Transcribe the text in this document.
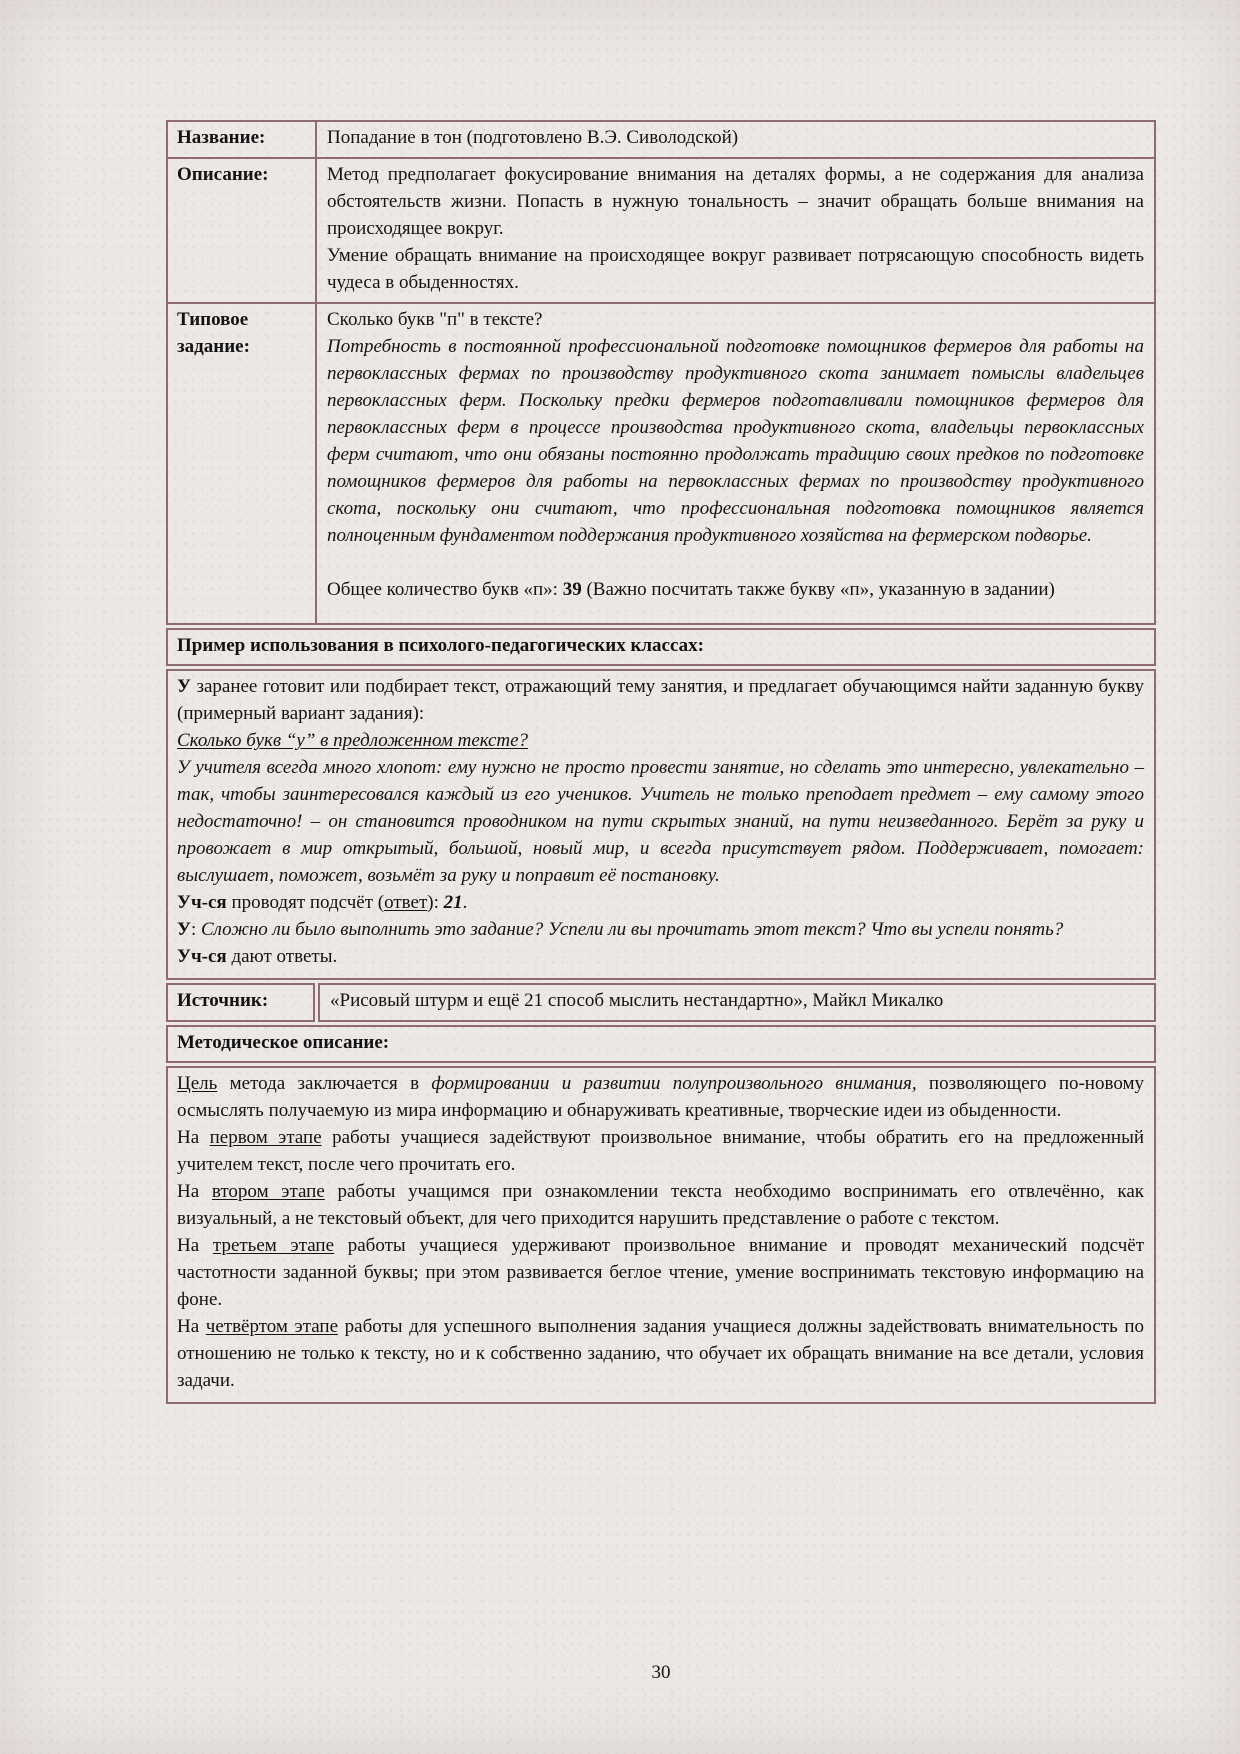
Название:	Попадание в тон (подготовлено В.Э. Сиволодской)
Описание:	Метод предполагает фокусирование внимания на деталях формы, а не содержания для анализа обстоятельств жизни. Попасть в нужную тональность – значит обращать больше внимания на происходящее вокруг.

Умение обращать внимание на происходящее вокруг развивает потрясающую способность видеть чудеса в обыденностях.

Типовое задание:

Сколько букв "п" в тексте?

Потребность в постоянной профессиональной подготовке помощников фермеров для работы на первоклассных фермах по производству продуктивного скота занимает помыслы владельцев первоклассных ферм. Поскольку предки фермеров подготавливали помощников фермеров для первоклассных ферм в процессе производства продуктивного скота, владельцы первоклассных ферм считают, что они обязаны постоянно продолжать традицию своих предков по подготовке помощников фермеров для работы на первоклассных фермах по производству продуктивного скота, поскольку они считают, что профессиональная подготовка помощников является полноценным фундаментом поддержания продуктивного хозяйства на фермерском подворье.

Общее количество букв «п»: 39 (Важно посчитать также букву «п», указанную в задании)

Пример использования в психолого-педагогических классах:

У заранее готовит или подбирает текст, отражающий тему занятия, и предлагает обучающимся найти заданную букву (примерный вариант задания):

Сколько букв “у” в предложенном тексте?

У учителя всегда много хлопот: ему нужно не просто провести занятие, но сделать это интересно, увлекательно – так, чтобы заинтересовался каждый из его учеников. Учитель не только преподает предмет – ему самому этого недостаточно! – он становится проводником на пути скрытых знаний, на пути неизведанного. Берёт за руку и провожает в мир открытый, большой, новый мир, и всегда присутствует рядом. Поддерживает, помогает: выслушает, поможет, возьмёт за руку и поправит её постановку.

Уч-ся проводят подсчёт (ответ): 21.

У: Сложно ли было выполнить это задание? Успели ли вы прочитать этот текст? Что вы успели понять?

Уч-ся дают ответы.

Источник:	«Рисовый штурм и ещё 21 способ мыслить нестандартно», Майкл Микалко
Методическое описание:

Цель метода заключается в формировании и развитии полупроизвольного внимания, позволяющего по-новому осмыслять получаемую из мира информацию и обнаруживать креативные, творческие идеи из обыденности.

На первом этапе работы учащиеся задействуют произвольное внимание, чтобы обратить его на предложенный учителем текст, после чего прочитать его.

На втором этапе работы учащимся при ознакомлении текста необходимо воспринимать его отвлечённо, как визуальный, а не текстовый объект, для чего приходится нарушить представление о работе с текстом.

На третьем этапе работы учащиеся удерживают произвольное внимание и проводят механический подсчёт частотности заданной буквы; при этом развивается беглое чтение, умение воспринимать текстовую информацию на фоне.

На четвёртом этапе работы для успешного выполнения задания учащиеся должны задействовать внимательность по отношению не только к тексту, но и к собственно заданию, что обучает их обращать внимание на все детали, условия задачи.

30
